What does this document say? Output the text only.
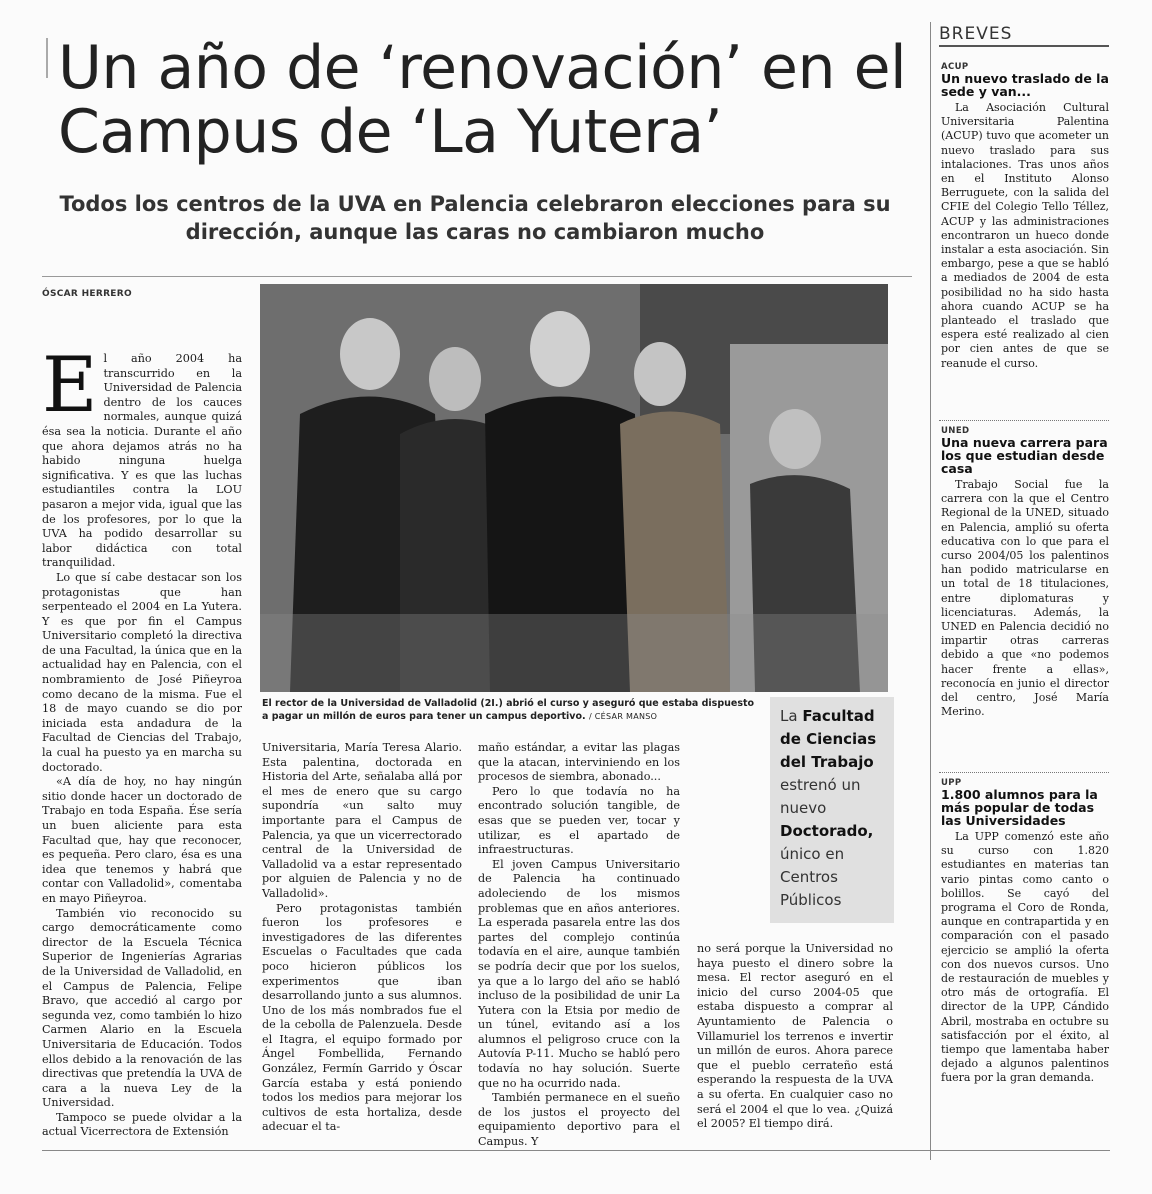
Un año de ‘renovación’ en el Campus de ‘La Yutera’
Todos los centros de la UVA en Palencia celebraron elecciones para su dirección, aunque las caras no cambiaron mucho
ÓSCAR HERRERO
El rector de la Universidad de Valladolid (2I.) abrió el curso y aseguró que estaba dispuesto a pagar un millón de euros para tener un campus deportivo. / CÉSAR MANSO

El año 2004 ha transcurrido en la Universidad de Palencia dentro de los cauces normales, aunque quizá ésa sea la noticia. Durante el año que ahora dejamos atrás no ha habido ninguna huelga significativa. Y es que las luchas estudiantiles contra la LOU pasaron a mejor vida, igual que las de los profesores, por lo que la UVA ha podido desarrollar su labor didáctica con total tranquilidad.

Lo que sí cabe destacar son los protagonistas que han serpenteado el 2004 en La Yutera. Y es que por fin el Campus Universitario completó la directiva de una Facultad, la única que en la actualidad hay en Palencia, con el nombramiento de José Piñeyroa como decano de la misma. Fue el 18 de mayo cuando se dio por iniciada esta andadura de la Facultad de Ciencias del Trabajo, la cual ha puesto ya en marcha su doctorado.

«A día de hoy, no hay ningún sitio donde hacer un doctorado de Trabajo en toda España. Ése sería un buen aliciente para esta Facultad que, hay que reconocer, es pequeña. Pero claro, ésa es una idea que tenemos y habrá que contar con Valladolid», comentaba en mayo Piñeyroa.

También vio reconocido su cargo democráticamente como director de la Escuela Técnica Superior de Ingenierías Agrarias de la Universidad de Valladolid, en el Campus de Palencia, Felipe Bravo, que accedió al cargo por segunda vez, como también lo hizo Carmen Alario en la Escuela Universitaria de Educación. Todos ellos debido a la renovación de las directivas que pretendía la UVA de cara a la nueva Ley de la Universidad.

Tampoco se puede olvidar a la actual Vicerrectora de Extensión

Universitaria, María Teresa Alario. Esta palentina, doctorada en Historia del Arte, señalaba allá por el mes de enero que su cargo supondría «un salto muy importante para el Campus de Palencia, ya que un vicerrectorado central de la Universidad de Valladolid va a estar representado por alguien de Palencia y no de Valladolid».

Pero protagonistas también fueron los profesores e investigadores de las diferentes Escuelas o Facultades que cada poco hicieron públicos los experimentos que iban desarrollando junto a sus alumnos. Uno de los más nombrados fue el de la cebolla de Palenzuela. Desde el Itagra, el equipo formado por Ángel Fombellida, Fernando González, Fermín Garrido y Óscar García estaba y está poniendo todos los medios para mejorar los cultivos de esta hortaliza, desde adecuar el ta-

maño estándar, a evitar las plagas que la atacan, interviniendo en los procesos de siembra, abonado...

Pero lo que todavía no ha encontrado solución tangible, de esas que se pueden ver, tocar y utilizar, es el apartado de infraestructuras.

El joven Campus Universitario de Palencia ha continuado adoleciendo de los mismos problemas que en años anteriores. La esperada pasarela entre las dos partes del complejo continúa todavía en el aire, aunque también se podría decir que por los suelos, ya que a lo largo del año se habló incluso de la posibilidad de unir La Yutera con la Etsia por medio de un túnel, evitando así a los alumnos el peligroso cruce con la Autovía P-11. Mucho se habló pero todavía no hay solución. Suerte que no ha ocurrido nada.

También permanece en el sueño de los justos el proyecto del equipamiento deportivo para el Campus. Y

La Facultad de Ciencias del Trabajo estrenó un nuevo Doctorado, único en Centros Públicos

no será porque la Universidad no haya puesto el dinero sobre la mesa. El rector aseguró en el inicio del curso 2004-05 que estaba dispuesto a comprar al Ayuntamiento de Palencia o Villamuriel los terrenos e invertir un millón de euros. Ahora parece que el pueblo cerrateño está esperando la respuesta de la UVA a su oferta. En cualquier caso no será el 2004 el que lo vea. ¿Quizá el 2005? El tiempo dirá.

BREVES
ACUP
Un nuevo traslado de la sede y van...

La Asociación Cultural Universitaria Palentina (ACUP) tuvo que acometer un nuevo traslado para sus intalaciones. Tras unos años en el Instituto Alonso Berruguete, con la salida del CFIE del Colegio Tello Téllez, ACUP y las administraciones encontraron un hueco donde instalar a esta asociación. Sin embargo, pese a que se habló a mediados de 2004 de esta posibilidad no ha sido hasta ahora cuando ACUP se ha planteado el traslado que espera esté realizado al cien por cien antes de que se reanude el curso.

UNED
Una nueva carrera para los que estudian desde casa

Trabajo Social fue la carrera con la que el Centro Regional de la UNED, situado en Palencia, amplió su oferta educativa con lo que para el curso 2004/05 los palentinos han podido matricularse en un total de 18 titulaciones, entre diplomaturas y licenciaturas. Además, la UNED en Palencia decidió no impartir otras carreras debido a que «no podemos hacer frente a ellas», reconocía en junio el director del centro, José María Merino.

UPP
1.800 alumnos para la más popular de todas las Universidades

La UPP comenzó este año su curso con 1.820 estudiantes en materias tan vario pintas como canto o bolillos. Se cayó del programa el Coro de Ronda, aunque en contrapartida y en comparación con el pasado ejercicio se amplió la oferta con dos nuevos cursos. Uno de restauración de muebles y otro más de ortografía. El director de la UPP, Cándido Abril, mostraba en octubre su satisfacción por el éxito, al tiempo que lamentaba haber dejado a algunos palentinos fuera por la gran demanda.
